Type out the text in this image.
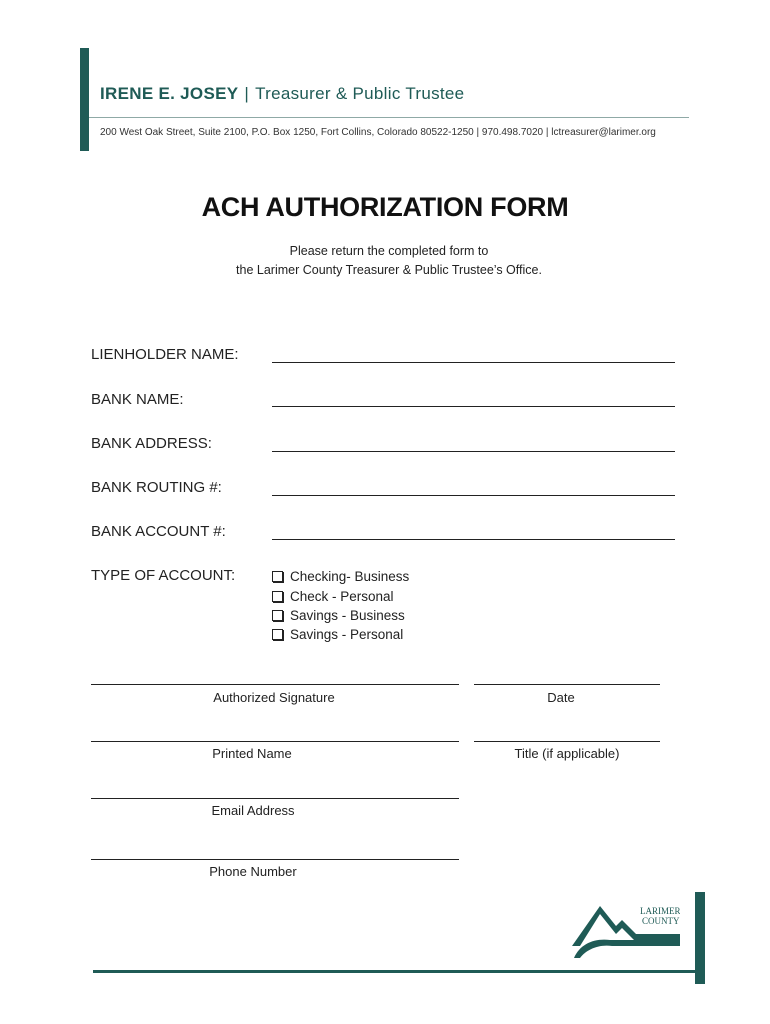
IRENE E. JOSEY | Treasurer & Public Trustee
200 West Oak Street, Suite 2100, P.O. Box 1250, Fort Collins, Colorado 80522-1250 | 970.498.7020 | lctreasurer@larimer.org
ACH AUTHORIZATION FORM
Please return the completed form to
the Larimer County Treasurer & Public Trustee’s Office.
LIENHOLDER NAME:
BANK NAME:
BANK ADDRESS:
BANK ROUTING #:
BANK ACCOUNT #:
TYPE OF ACCOUNT:	Checking- Business
Check - Personal
Savings - Business
Savings - Personal
Authorized Signature	Date
Printed Name	Title (if applicable)
Email Address
Phone Number
LARIMER
COUNTY
